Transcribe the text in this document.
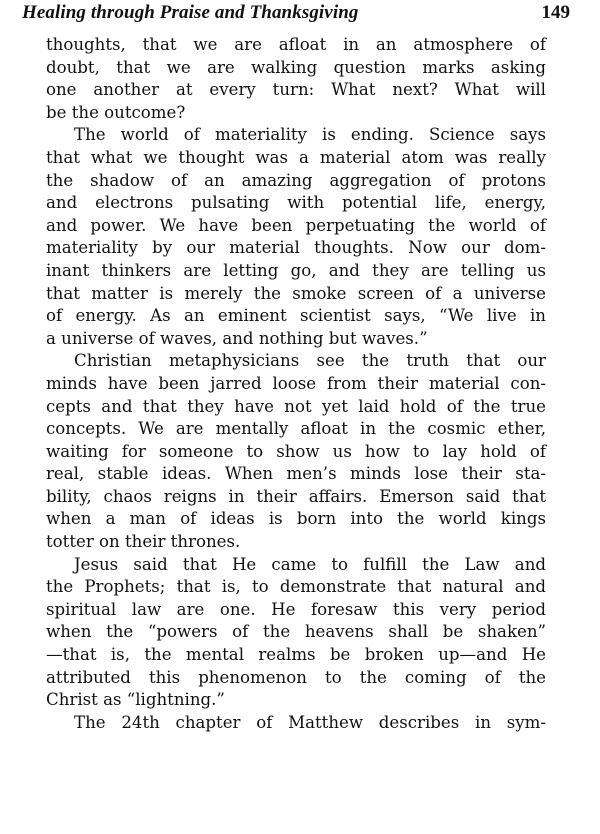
Healing through Praise and Thanksgiving	149
thoughts, that we are afloat in an atmosphere of
doubt, that we are walking question marks asking
one another at every turn: What next? What will
be the outcome?
The world of materiality is ending. Science says
that what we thought was a material atom was really
the shadow of an amazing aggregation of protons
and electrons pulsating with potential life, energy,
and power. We have been perpetuating the world of
materiality by our material thoughts. Now our dom-
inant thinkers are letting go, and they are telling us
that matter is merely the smoke screen of a universe
of energy. As an eminent scientist says, “We live in
a universe of waves, and nothing but waves.”
Christian metaphysicians see the truth that our
minds have been jarred loose from their material con-
cepts and that they have not yet laid hold of the true
concepts. We are mentally afloat in the cosmic ether,
waiting for someone to show us how to lay hold of
real, stable ideas. When men’s minds lose their sta-
bility, chaos reigns in their affairs. Emerson said that
when a man of ideas is born into the world kings
totter on their thrones.
Jesus said that He came to fulfill the Law and
the Prophets; that is, to demonstrate that natural and
spiritual law are one. He foresaw this very period
when the “powers of the heavens shall be shaken”
—that is, the mental realms be broken up—and He
attributed this phenomenon to the coming of the
Christ as “lightning.”
The 24th chapter of Matthew describes in sym-
